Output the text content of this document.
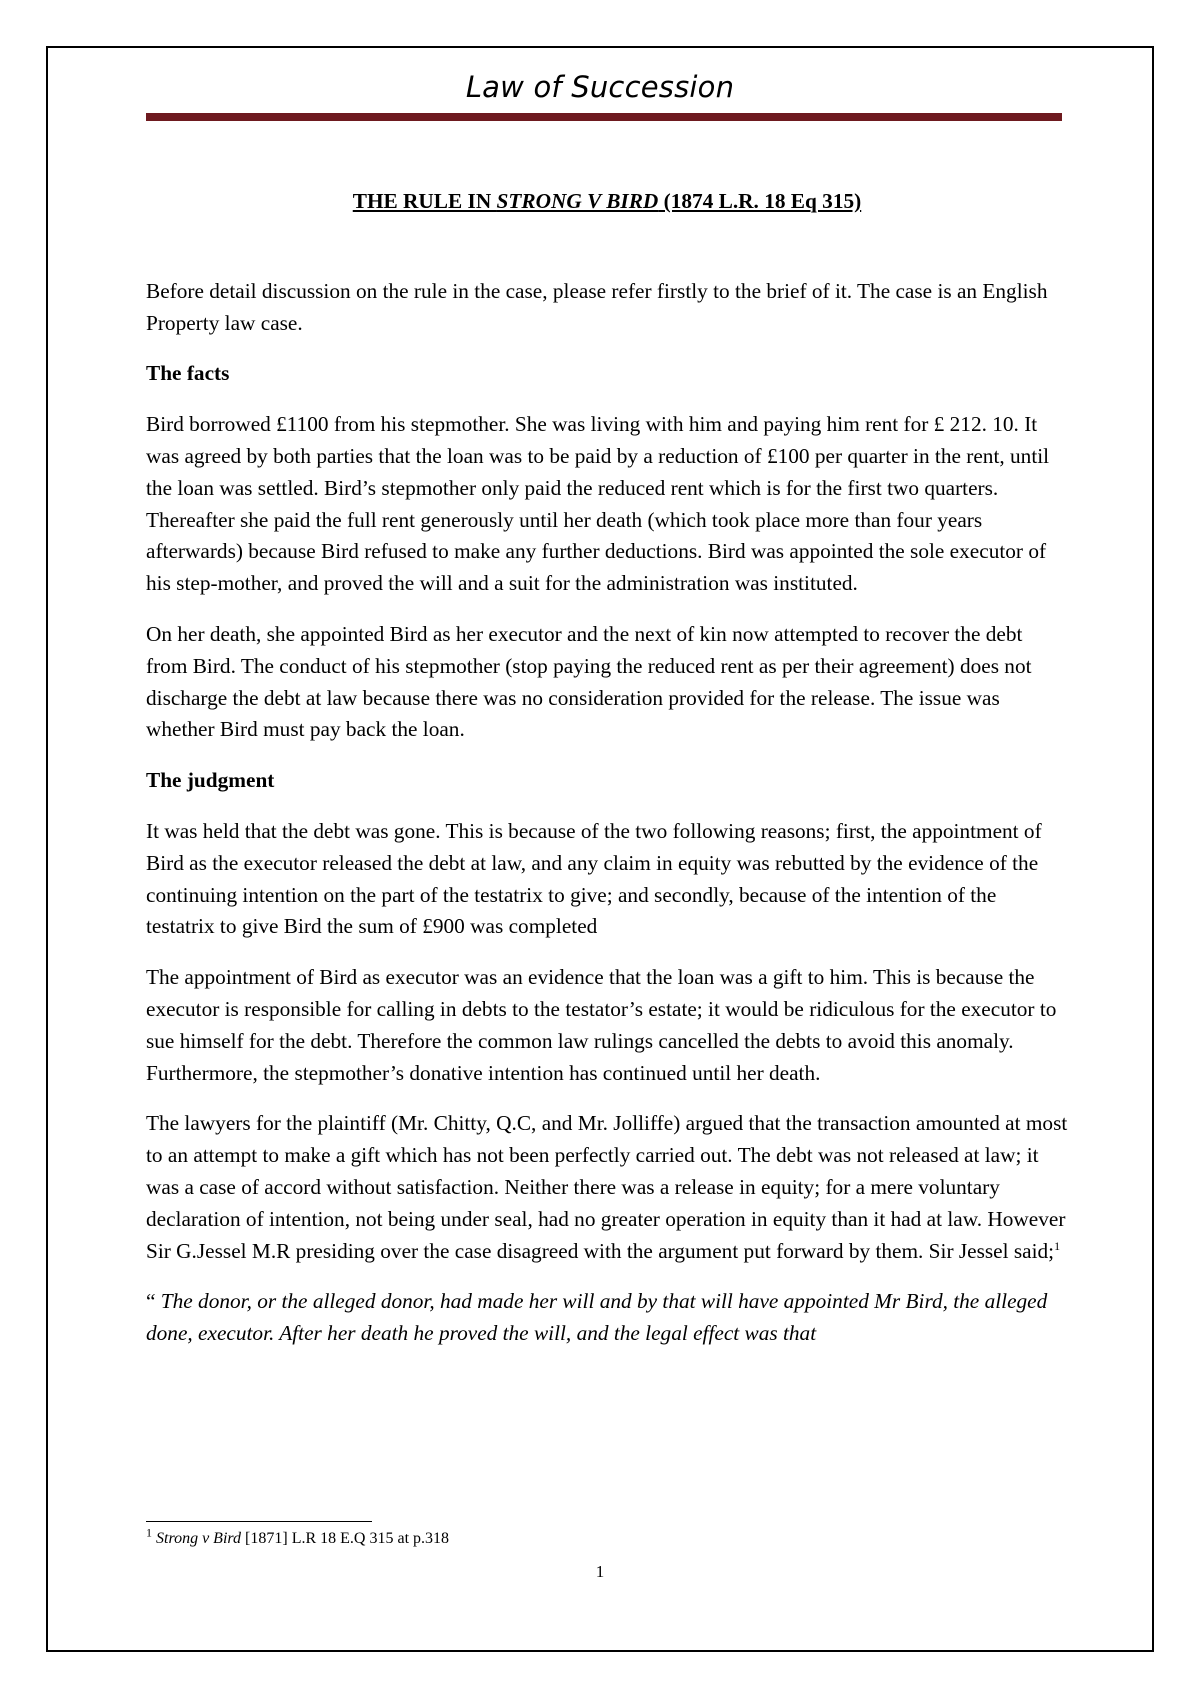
Law of Succession

THE RULE IN STRONG V BIRD (1874 L.R. 18 Eq 315)

Before detail discussion on the rule in the case, please refer firstly to the brief of it. The case is an English Property law case.

The facts

Bird borrowed £1100 from his stepmother. She was living with him and paying him rent for £ 212. 10. It was agreed by both parties that the loan was to be paid by a reduction of £100 per quarter in the rent, until the loan was settled. Bird’s stepmother only paid the reduced rent which is for the first two quarters. Thereafter she paid the full rent generously until her death (which took place more than four years afterwards) because Bird refused to make any further deductions. Bird was appointed the sole executor of his step-mother, and proved the will and a suit for the administration was instituted.

On her death, she appointed Bird as her executor and the next of kin now attempted to recover the debt from Bird. The conduct of his stepmother (stop paying the reduced rent as per their agreement) does not discharge the debt at law because there was no consideration provided for the release. The issue was whether Bird must pay back the loan.

The judgment

It was held that the debt was gone. This is because of the two following reasons; first, the appointment of Bird as the executor released the debt at law, and any claim in equity was rebutted by the evidence of the continuing intention on the part of the testatrix to give; and secondly, because of the intention of the testatrix to give Bird the sum of £900 was completed

The appointment of Bird as executor was an evidence that the loan was a gift to him. This is because the executor is responsible for calling in debts to the testator’s estate; it would be ridiculous for the executor to sue himself for the debt. Therefore the common law rulings cancelled the debts to avoid this anomaly. Furthermore, the stepmother’s donative intention has continued until her death.

The lawyers for the plaintiff (Mr. Chitty, Q.C, and Mr. Jolliffe) argued that the transaction amounted at most to an attempt to make a gift which has not been perfectly carried out. The debt was not released at law; it was a case of accord without satisfaction. Neither there was a release in equity; for a mere voluntary declaration of intention, not being under seal, had no greater operation in equity than it had at law. However Sir G.Jessel M.R presiding over the case disagreed with the argument put forward by them. Sir Jessel said;$^1$

“ The donor, or the alleged donor, had made her will and by that will have appointed Mr Bird, the alleged done, executor. After her death he proved the will, and the legal effect was that

$^1$ Strong v Bird [1871] L.R 18 E.Q 315 at p.318
1
